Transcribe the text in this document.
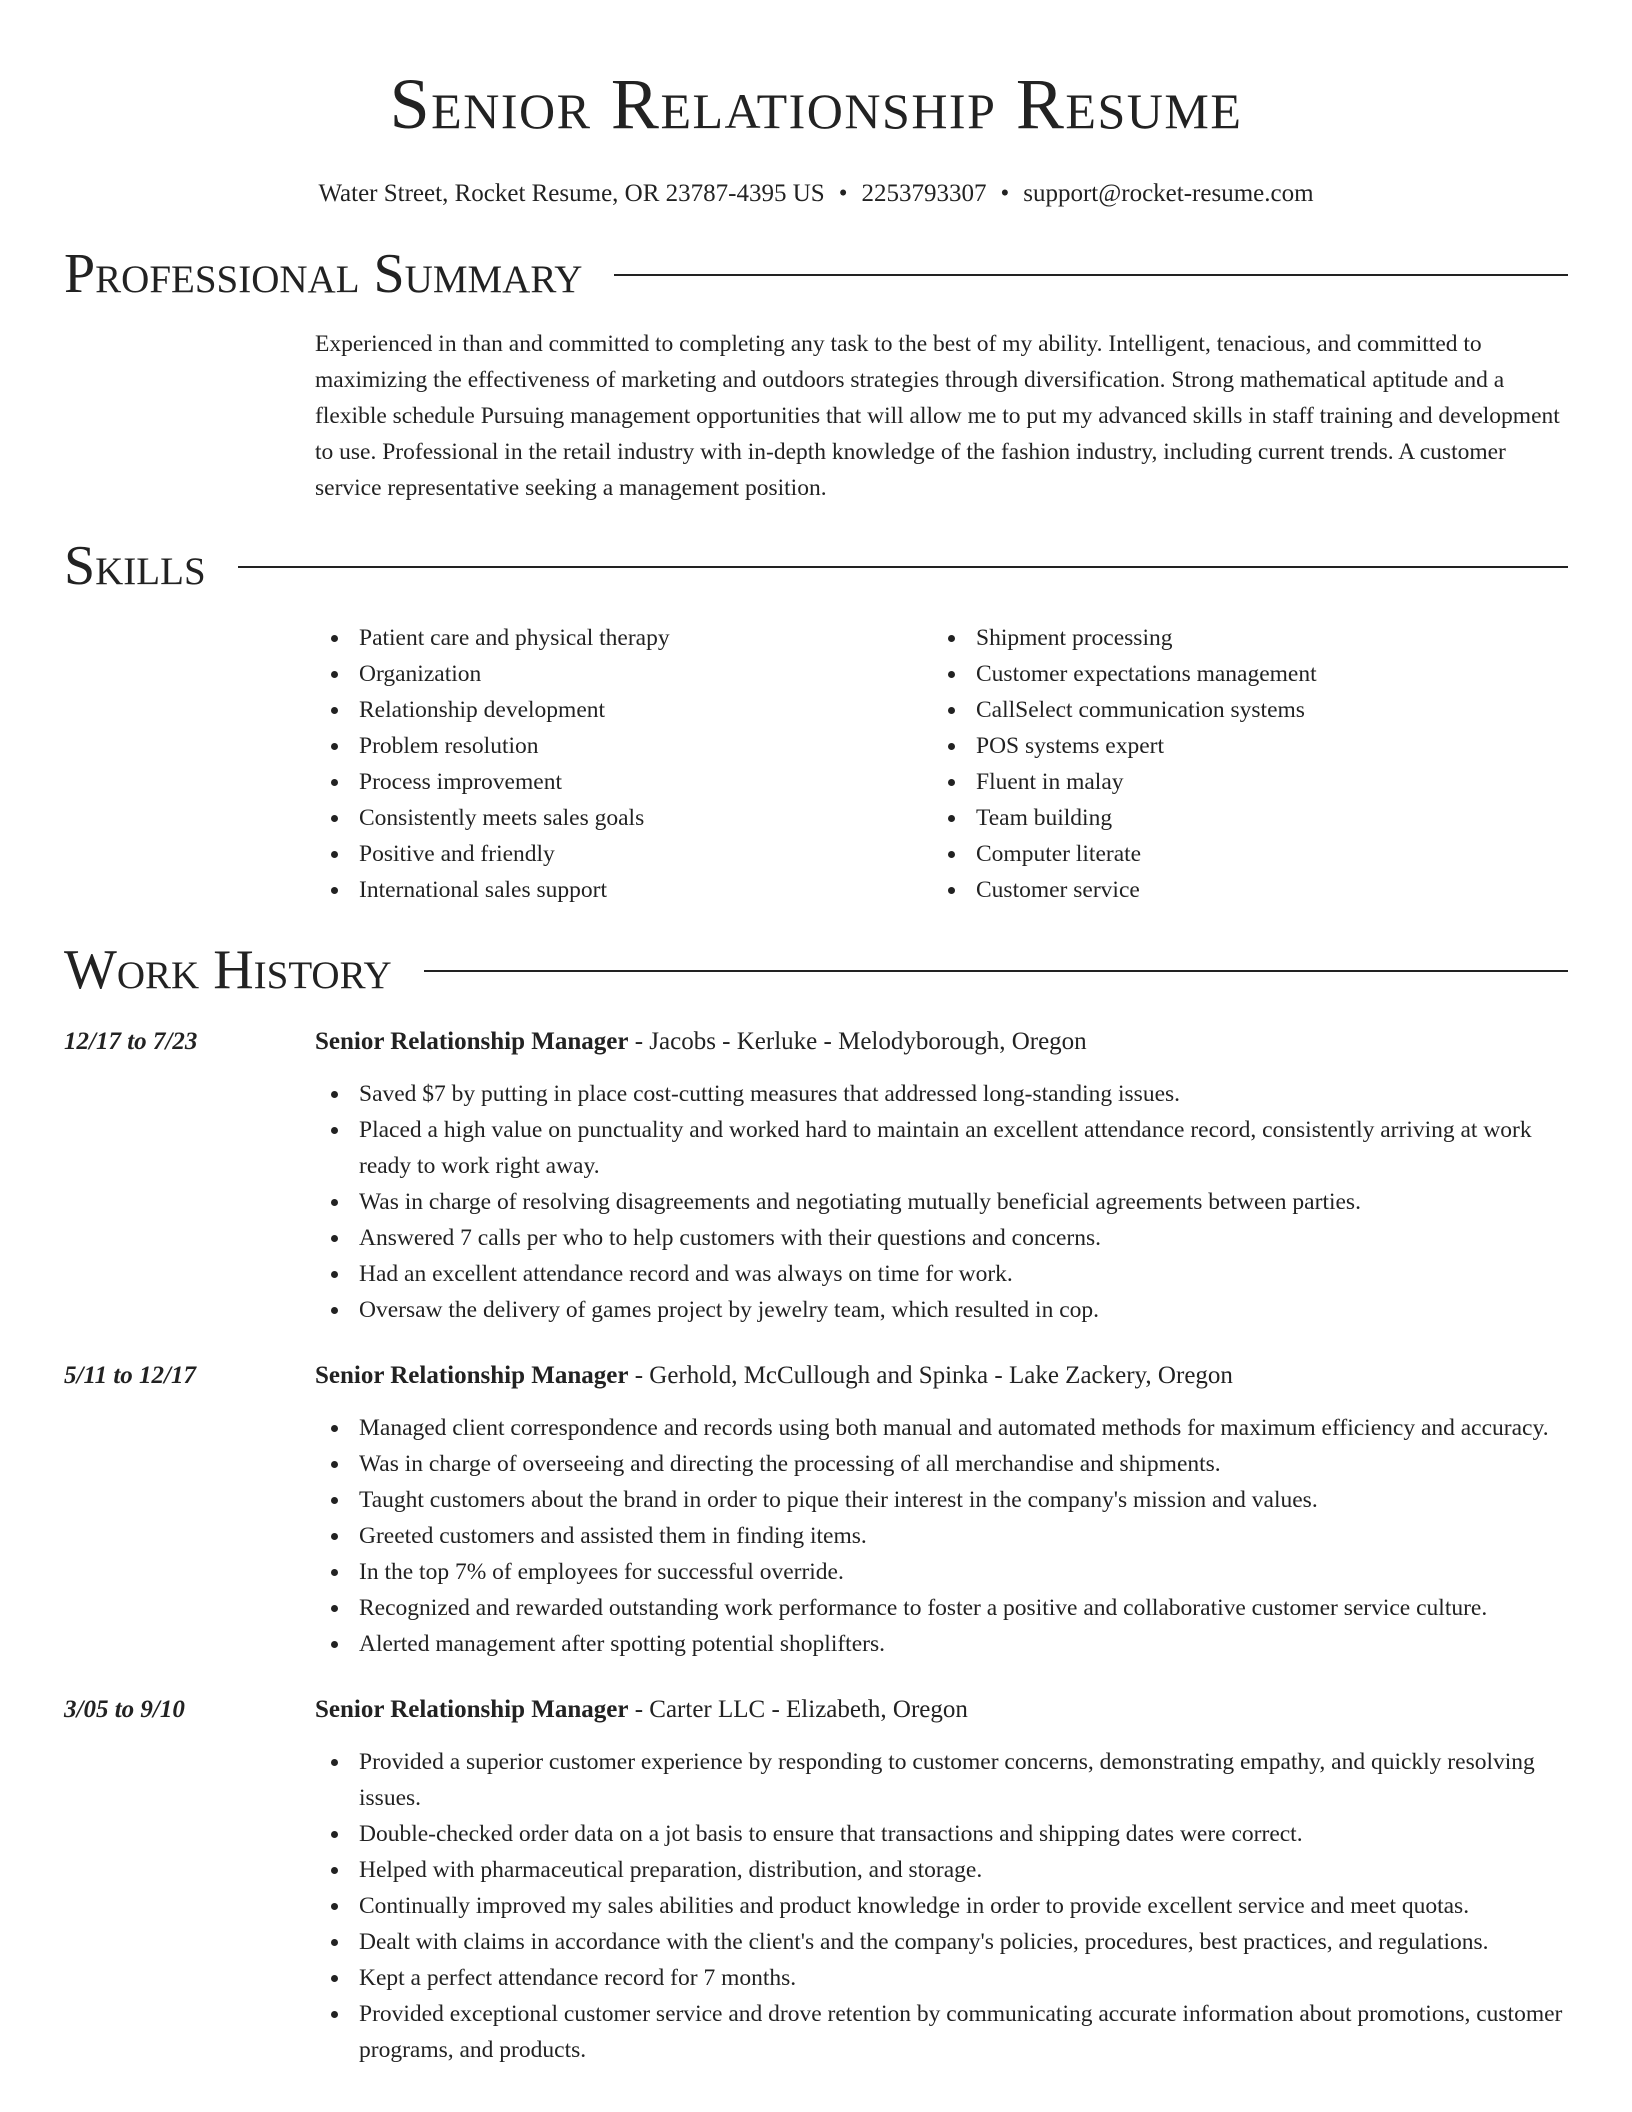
Senior Relationship Resume
Water Street, Rocket Resume, OR 23787-4395 US • 2253793307 • support@rocket-resume.com
Professional Summary

Experienced in than and committed to completing any task to the best of my ability. Intelligent, tenacious, and committed to maximizing the effectiveness of marketing and outdoors strategies through diversification. Strong mathematical aptitude and a flexible schedule Pursuing management opportunities that will allow me to put my advanced skills in staff training and development to use. Professional in the retail industry with in-depth knowledge of the fashion industry, including current trends. A customer service representative seeking a management position.

Skills
Patient care and physical therapy
Organization
Relationship development
Problem resolution
Process improvement
Consistently meets sales goals
Positive and friendly
International sales support
Shipment processing
Customer expectations management
CallSelect communication systems
POS systems expert
Fluent in malay
Team building
Computer literate
Customer service
Work History
12/17 to 7/23	Senior Relationship Manager - Jacobs - Kerluke - Melodyborough, Oregon
Saved $7 by putting in place cost-cutting measures that addressed long-standing issues.
Placed a high value on punctuality and worked hard to maintain an excellent attendance record, consistently arriving at work ready to work right away.
Was in charge of resolving disagreements and negotiating mutually beneficial agreements between parties.
Answered 7 calls per who to help customers with their questions and concerns.
Had an excellent attendance record and was always on time for work.
Oversaw the delivery of games project by jewelry team, which resulted in cop.
5/11 to 12/17	Senior Relationship Manager - Gerhold, McCullough and Spinka - Lake Zackery, Oregon
Managed client correspondence and records using both manual and automated methods for maximum efficiency and accuracy.
Was in charge of overseeing and directing the processing of all merchandise and shipments.
Taught customers about the brand in order to pique their interest in the company's mission and values.
Greeted customers and assisted them in finding items.
In the top 7% of employees for successful override.
Recognized and rewarded outstanding work performance to foster a positive and collaborative customer service culture.
Alerted management after spotting potential shoplifters.
3/05 to 9/10	Senior Relationship Manager - Carter LLC - Elizabeth, Oregon
Provided a superior customer experience by responding to customer concerns, demonstrating empathy, and quickly resolving issues.
Double-checked order data on a jot basis to ensure that transactions and shipping dates were correct.
Helped with pharmaceutical preparation, distribution, and storage.
Continually improved my sales abilities and product knowledge in order to provide excellent service and meet quotas.
Dealt with claims in accordance with the client's and the company's policies, procedures, best practices, and regulations.
Kept a perfect attendance record for 7 months.
Provided exceptional customer service and drove retention by communicating accurate information about promotions, customer programs, and products.
